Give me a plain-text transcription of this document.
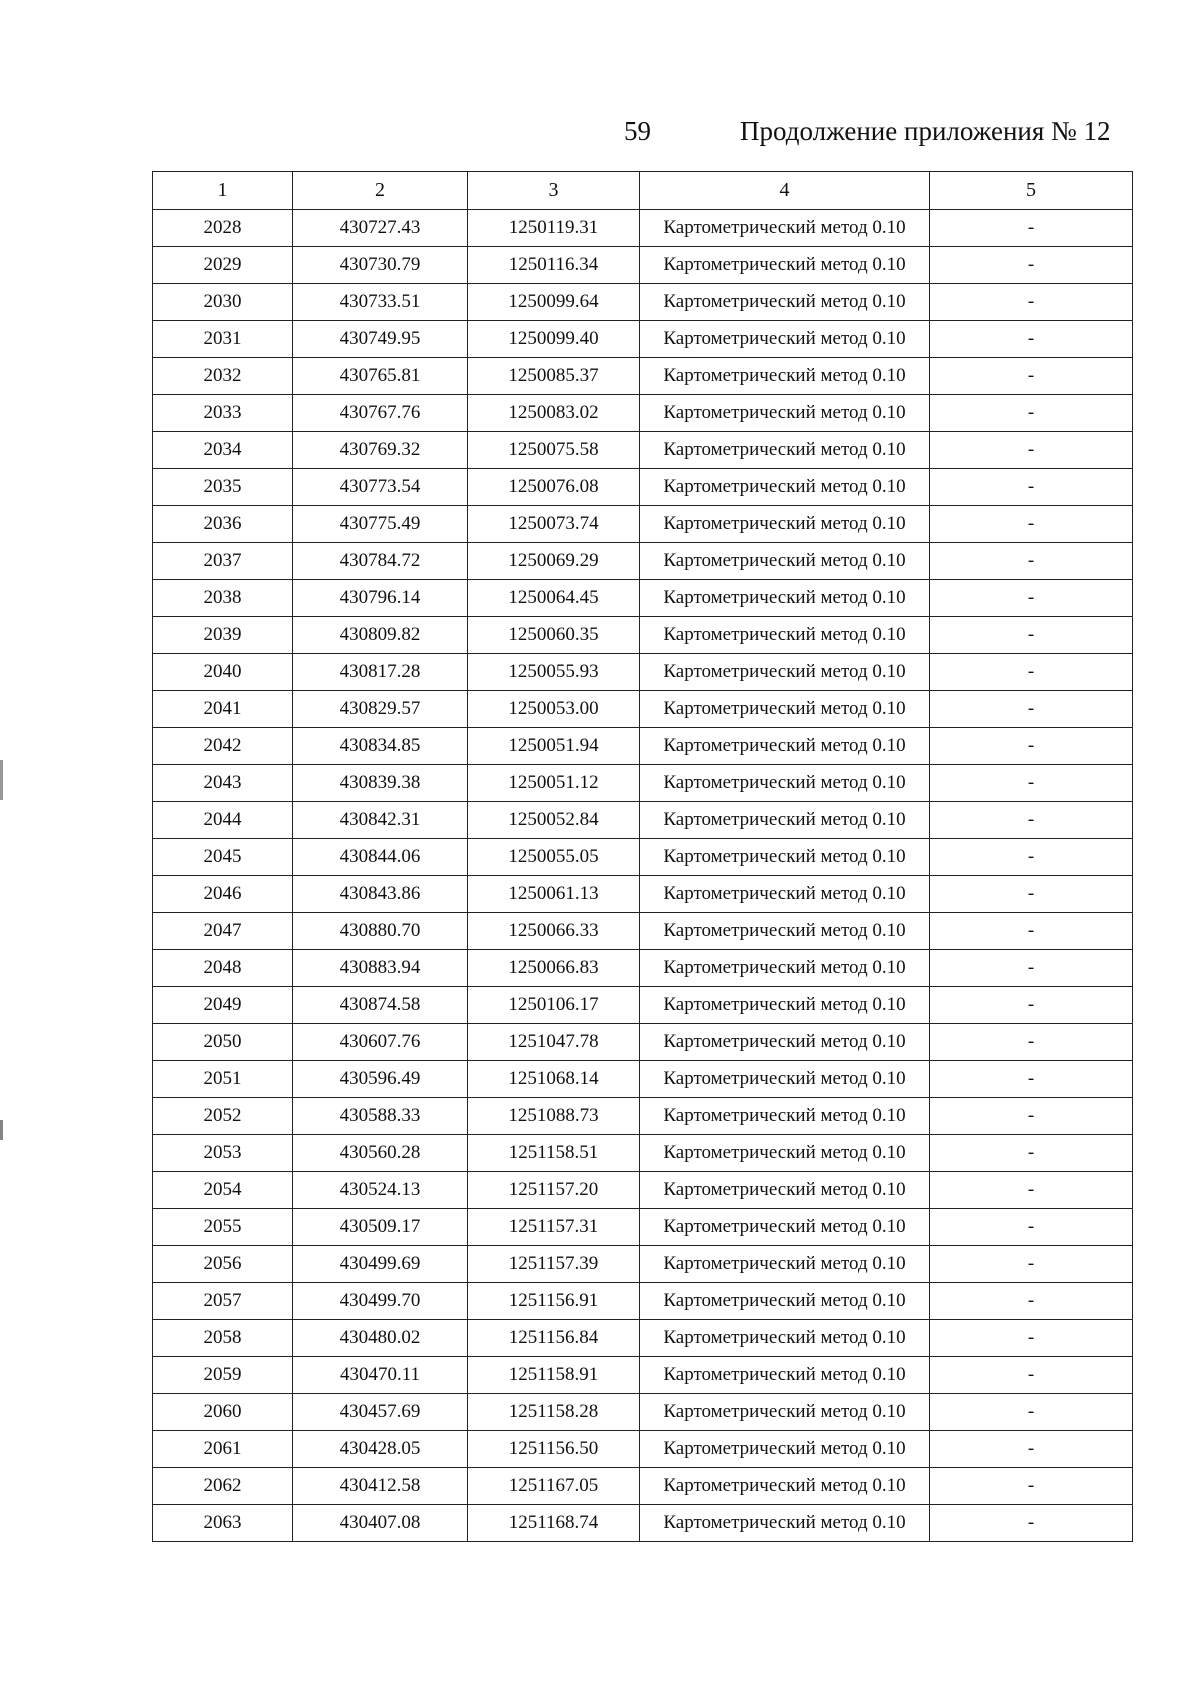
59	Продолжение приложения № 12
1	2	3	4	5
2028	430727.43	1250119.31	Картометрический метод 0.10	-
2029	430730.79	1250116.34	Картометрический метод 0.10	-
2030	430733.51	1250099.64	Картометрический метод 0.10	-
2031	430749.95	1250099.40	Картометрический метод 0.10	-
2032	430765.81	1250085.37	Картометрический метод 0.10	-
2033	430767.76	1250083.02	Картометрический метод 0.10	-
2034	430769.32	1250075.58	Картометрический метод 0.10	-
2035	430773.54	1250076.08	Картометрический метод 0.10	-
2036	430775.49	1250073.74	Картометрический метод 0.10	-
2037	430784.72	1250069.29	Картометрический метод 0.10	-
2038	430796.14	1250064.45	Картометрический метод 0.10	-
2039	430809.82	1250060.35	Картометрический метод 0.10	-
2040	430817.28	1250055.93	Картометрический метод 0.10	-
2041	430829.57	1250053.00	Картометрический метод 0.10	-
2042	430834.85	1250051.94	Картометрический метод 0.10	-
2043	430839.38	1250051.12	Картометрический метод 0.10	-
2044	430842.31	1250052.84	Картометрический метод 0.10	-
2045	430844.06	1250055.05	Картометрический метод 0.10	-
2046	430843.86	1250061.13	Картометрический метод 0.10	-
2047	430880.70	1250066.33	Картометрический метод 0.10	-
2048	430883.94	1250066.83	Картометрический метод 0.10	-
2049	430874.58	1250106.17	Картометрический метод 0.10	-
2050	430607.76	1251047.78	Картометрический метод 0.10	-
2051	430596.49	1251068.14	Картометрический метод 0.10	-
2052	430588.33	1251088.73	Картометрический метод 0.10	-
2053	430560.28	1251158.51	Картометрический метод 0.10	-
2054	430524.13	1251157.20	Картометрический метод 0.10	-
2055	430509.17	1251157.31	Картометрический метод 0.10	-
2056	430499.69	1251157.39	Картометрический метод 0.10	-
2057	430499.70	1251156.91	Картометрический метод 0.10	-
2058	430480.02	1251156.84	Картометрический метод 0.10	-
2059	430470.11	1251158.91	Картометрический метод 0.10	-
2060	430457.69	1251158.28	Картометрический метод 0.10	-
2061	430428.05	1251156.50	Картометрический метод 0.10	-
2062	430412.58	1251167.05	Картометрический метод 0.10	-
2063	430407.08	1251168.74	Картометрический метод 0.10	-
